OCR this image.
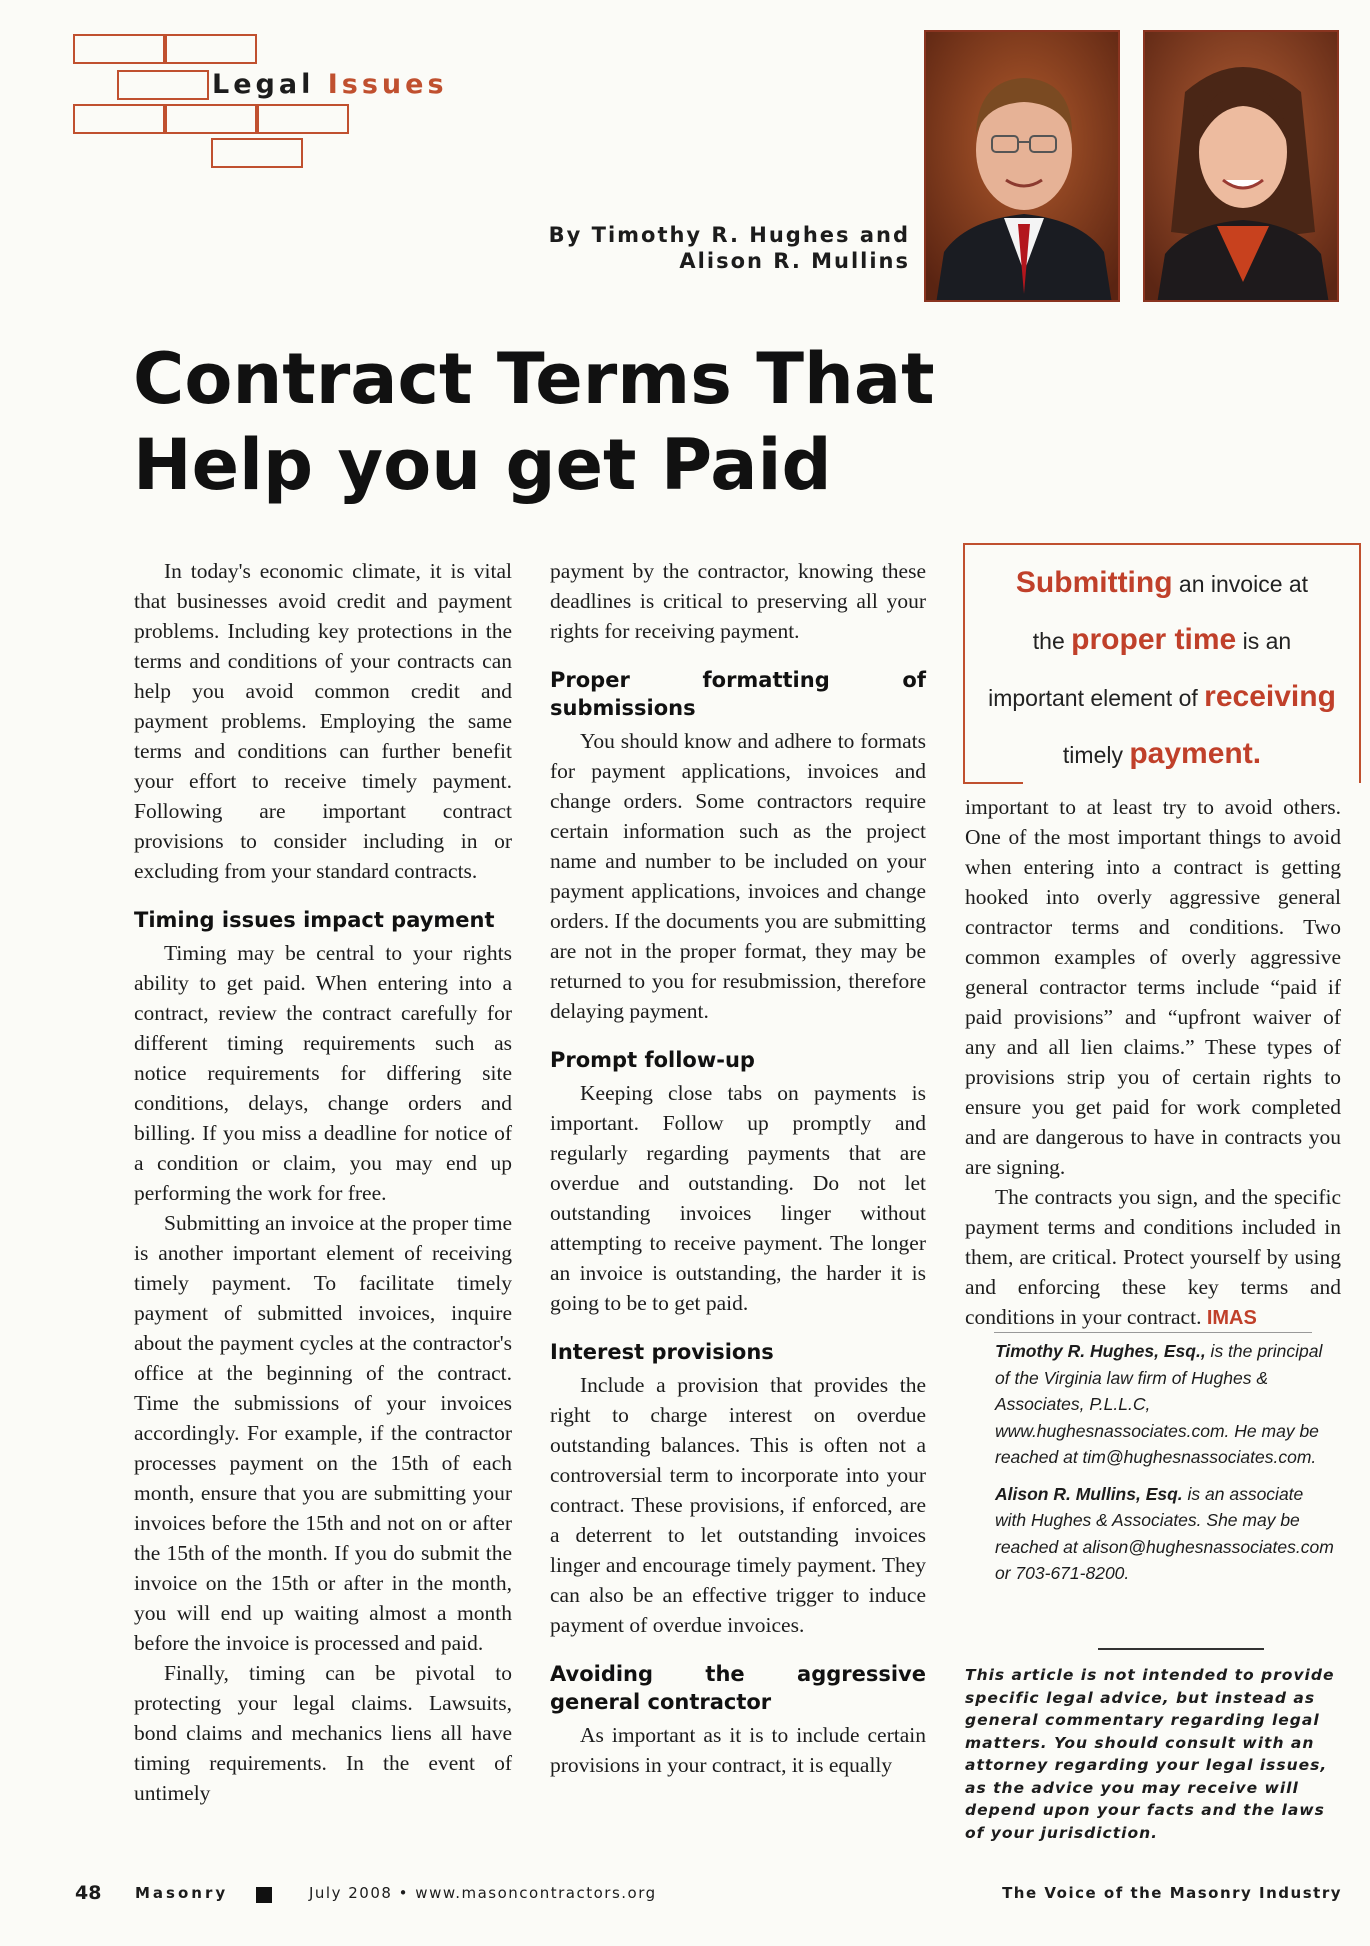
Legal Issues
By Timothy R. Hughes and
Alison R. Mullins
Contract Terms That
Help you get Paid

In today's economic climate, it is vital that businesses avoid credit and payment problems. Including key protections in the terms and conditions of your contracts can help you avoid common credit and payment problems. Employing the same terms and conditions can further benefit your effort to receive timely payment. Following are important contract provisions to consider including in or excluding from your standard contracts.

Timing issues impact payment

Timing may be central to your rights ability to get paid. When entering into a contract, review the contract carefully for different timing requirements such as notice requirements for differing site conditions, delays, change orders and billing. If you miss a deadline for notice of a condition or claim, you may end up performing the work for free.

Submitting an invoice at the proper time is another important element of receiving timely payment. To facilitate timely payment of submitted invoices, inquire about the payment cycles at the contractor's office at the beginning of the contract. Time the submissions of your invoices accordingly. For example, if the contractor processes payment on the 15th of each month, ensure that you are submitting your invoices before the 15th and not on or after the 15th of the month. If you do submit the invoice on the 15th or after in the month, you will end up waiting almost a month before the invoice is processed and paid.

Finally, timing can be pivotal to protecting your legal claims. Lawsuits, bond claims and mechanics liens all have timing requirements. In the event of untimely

payment by the contractor, knowing these deadlines is critical to preserving all your rights for receiving payment.

Proper formatting of submissions

You should know and adhere to formats for payment applications, invoices and change orders. Some contractors require certain information such as the project name and number to be included on your payment applications, invoices and change orders. If the documents you are submitting are not in the proper format, they may be returned to you for resubmission, therefore delaying payment.

Prompt follow-up

Keeping close tabs on payments is important. Follow up promptly and regularly regarding payments that are overdue and outstanding. Do not let outstanding invoices linger without attempting to receive payment. The longer an invoice is outstanding, the harder it is going to be to get paid.

Interest provisions

Include a provision that provides the right to charge interest on overdue outstanding balances. This is often not a controversial term to incorporate into your contract. These provisions, if enforced, are a deterrent to let outstanding invoices linger and encourage timely payment. They can also be an effective trigger to induce payment of overdue invoices.

Avoiding the aggressive general contractor

As important as it is to include certain provisions in your contract, it is equally

Submitting an invoice at
the proper time is an
important element of receiving
timely payment.

important to at least try to avoid others. One of the most important things to avoid when entering into a contract is getting hooked into overly aggressive general contractor terms and conditions. Two common examples of overly aggressive general contractor terms include “paid if paid provisions” and “upfront waiver of any and all lien claims.” These types of provisions strip you of certain rights to ensure you get paid for work completed and are dangerous to have in contracts you are signing.

The contracts you sign, and the specific payment terms and conditions included in them, are critical. Protect yourself by using and enforcing these key terms and conditions in your contract. IMAS

Timothy R. Hughes, Esq., is the principal of the Virginia law firm of Hughes & Associates, P.L.L.C, www.hughesnassociates.com. He may be reached at tim@hughesnassociates.com.

Alison R. Mullins, Esq. is an associate with Hughes & Associates. She may be reached at alison@hughesnassociates.com or 703-671-8200.

This article is not intended to provide specific legal advice, but instead as general commentary regarding legal matters. You should consult with an attorney regarding your legal issues, as the advice you may receive will depend upon your facts and the laws of your jurisdiction.
48 Masonry	July 2008 • www.masoncontractors.org	The Voice of the Masonry Industry
